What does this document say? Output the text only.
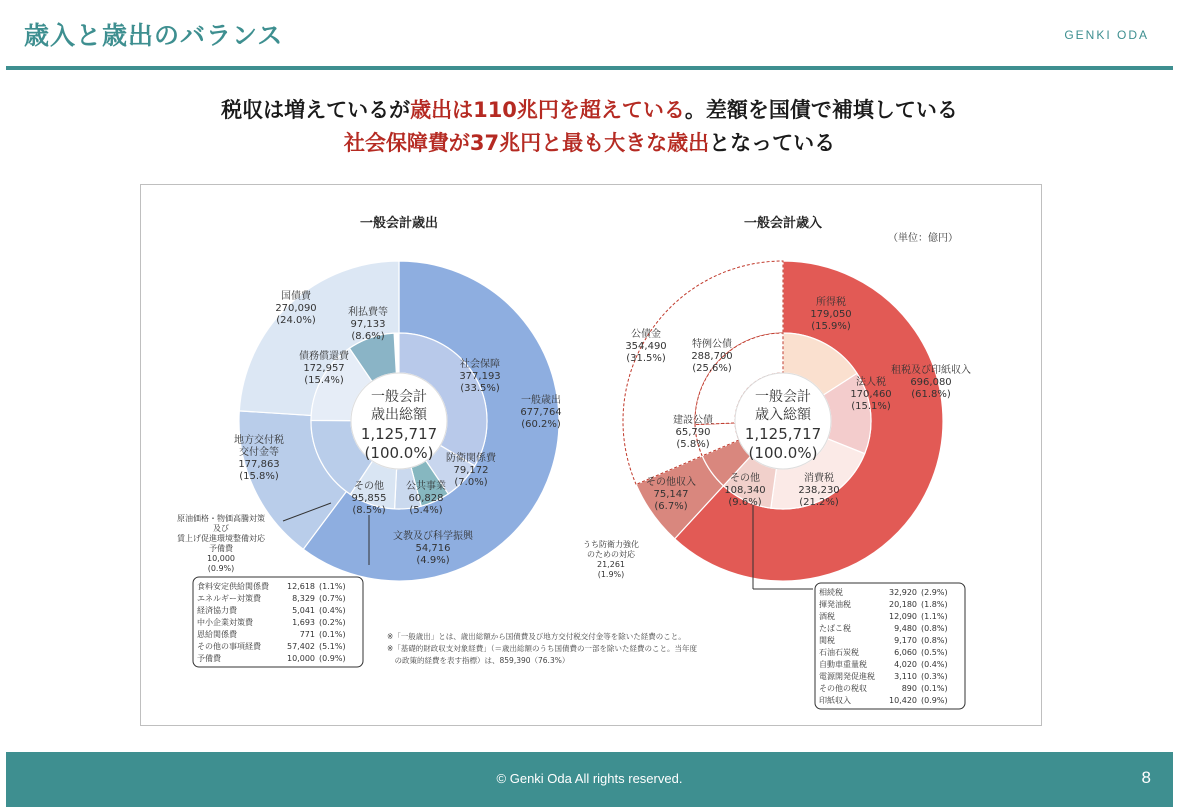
歳入と歳出のバランス	GENKI ODA
税収は増えているが歳出は110兆円を超えている。差額を国債で補填している
社会保障費が37兆円と最も大きな歳出となっている
一般会計歳出
一般会計
歳出総額
1,125,717
(100.0%)
一般歳出
677,764
(60.2%)
国債費
270,090
(24.0%)
社会保障
377,193
(33.5%)
防衛関係費
79,172
(7.0%)
公共事業
60,828
(5.4%)
文教及び科学振興
54,716
(4.9%)
その他
95,855
(8.5%)
債務償還費
172,957
(15.4%)
利払費等
97,133
(8.6%)
地方交付税
交付金等
177,863
(15.8%)
一般会計歳入
一般会計
歳入総額
1,125,717
(100.0%)
租税及び印紙収入
696,080
(61.8%)
その他収入
75,147
(6.7%)
公債金
354,490
(31.5%)
所得税
179,050
(15.9%)
法人税
170,460
(15.1%)
消費税
238,230
(21.2%)
その他
108,340
(9.6%)
建設公債
65,790
(5.8%)
特例公債
288,700
(25.6%)
（単位：億円）
原油価格・物価高騰対策
及び
賃上げ促進環境整備対応
予備費
10,000
(0.9%)
うち防衛力強化
のための対応
21,261
(1.9%)
食料安定供給関係費 12,618 (1.1%)
エネルギー対策費	8,329 (0.7%)
経済協力費	5,041 (0.4%)
中小企業対策費	1,693 (0.2%)
恩給関係費	771 (0.1%)
その他の事項経費	57,402 (5.1%)
予備費	10,000 (0.9%)
相続税	32,920 (2.9%)
揮発油税	20,180 (1.8%)
酒税	12,090 (1.1%)
たばこ税	9,480 (0.8%)
関税	9,170 (0.8%)
石油石炭税	6,060 (0.5%)
自動車重量税	4,020 (0.4%)
電源開発促進税 3,110 (0.3%)
その他の税収	890 (0.1%)
印紙収入	10,420 (0.9%)
※「一般歳出」とは、歳出総額から国債費及び地方交付税交付金等を除いた経費のこと。
※「基礎的財政収支対象経費」（＝歳出総額のうち国債費の一部を除いた経費のこと。当年度
　の政策的経費を表す指標）は、859,390（76.3%）
© Genki Oda All rights reserved.	8
